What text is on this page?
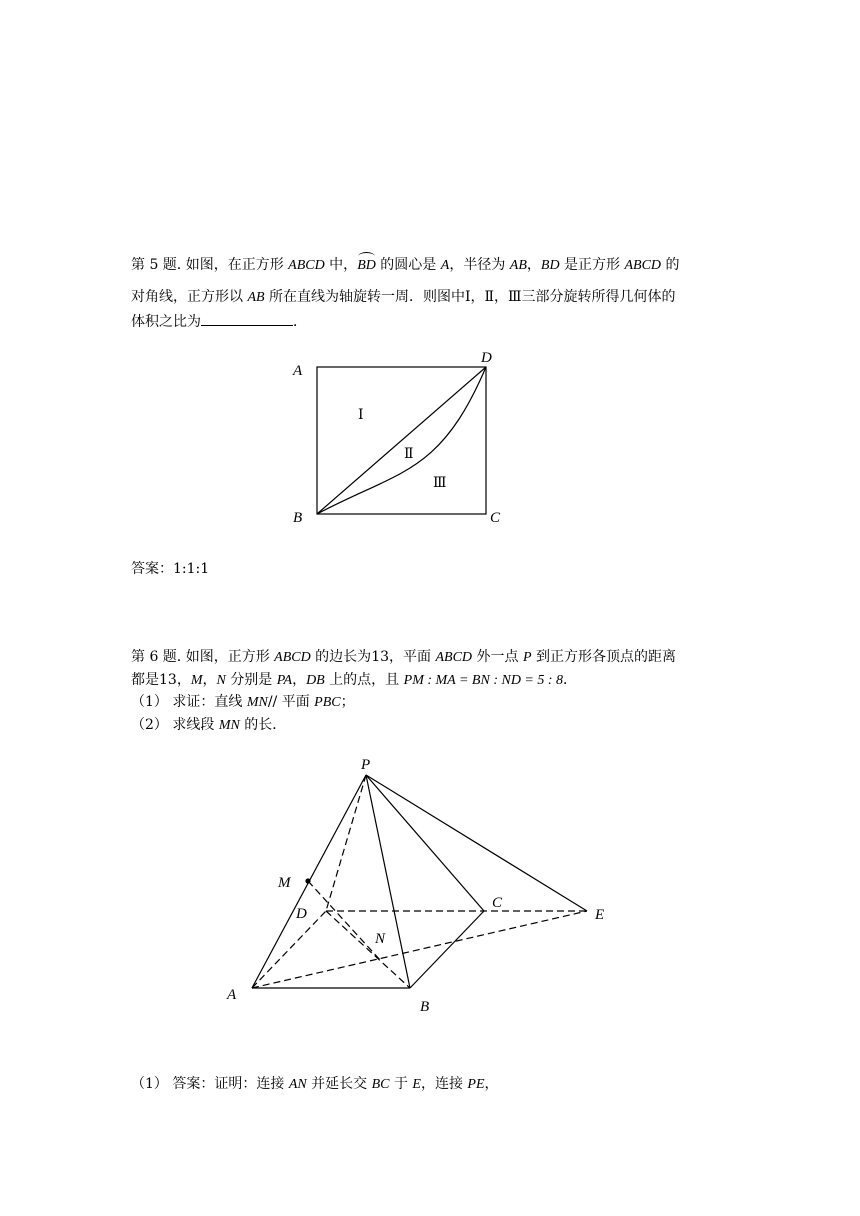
第 5 题. 如图，在正方形 ABCD 中，BD 的圆心是 A，半径为 AB，BD 是正方形 ABCD 的
对角线，正方形以 AB 所在直线为轴旋转一周．则图中Ⅰ，Ⅱ，Ⅲ三部分旋转所得几何体的
体积之比为	．
A
D
B	C
Ⅰ
Ⅱ
Ⅲ
答案：1:1:1
第 6 题. 如图，正方形 ABCD 的边长为13，平面 ABCD 外一点 P 到正方形各顶点的距离
都是13，M，N 分别是 PA，DB 上的点，且 PM : MA = BN : ND = 5 : 8．
（1） 求证：直线 MN// 平面 PBC；
（2） 求线段 MN 的长．
P
M
D
C
E
N
A
B
（1） 答案：证明：连接 AN 并延长交 BC 于 E，连接 PE，
